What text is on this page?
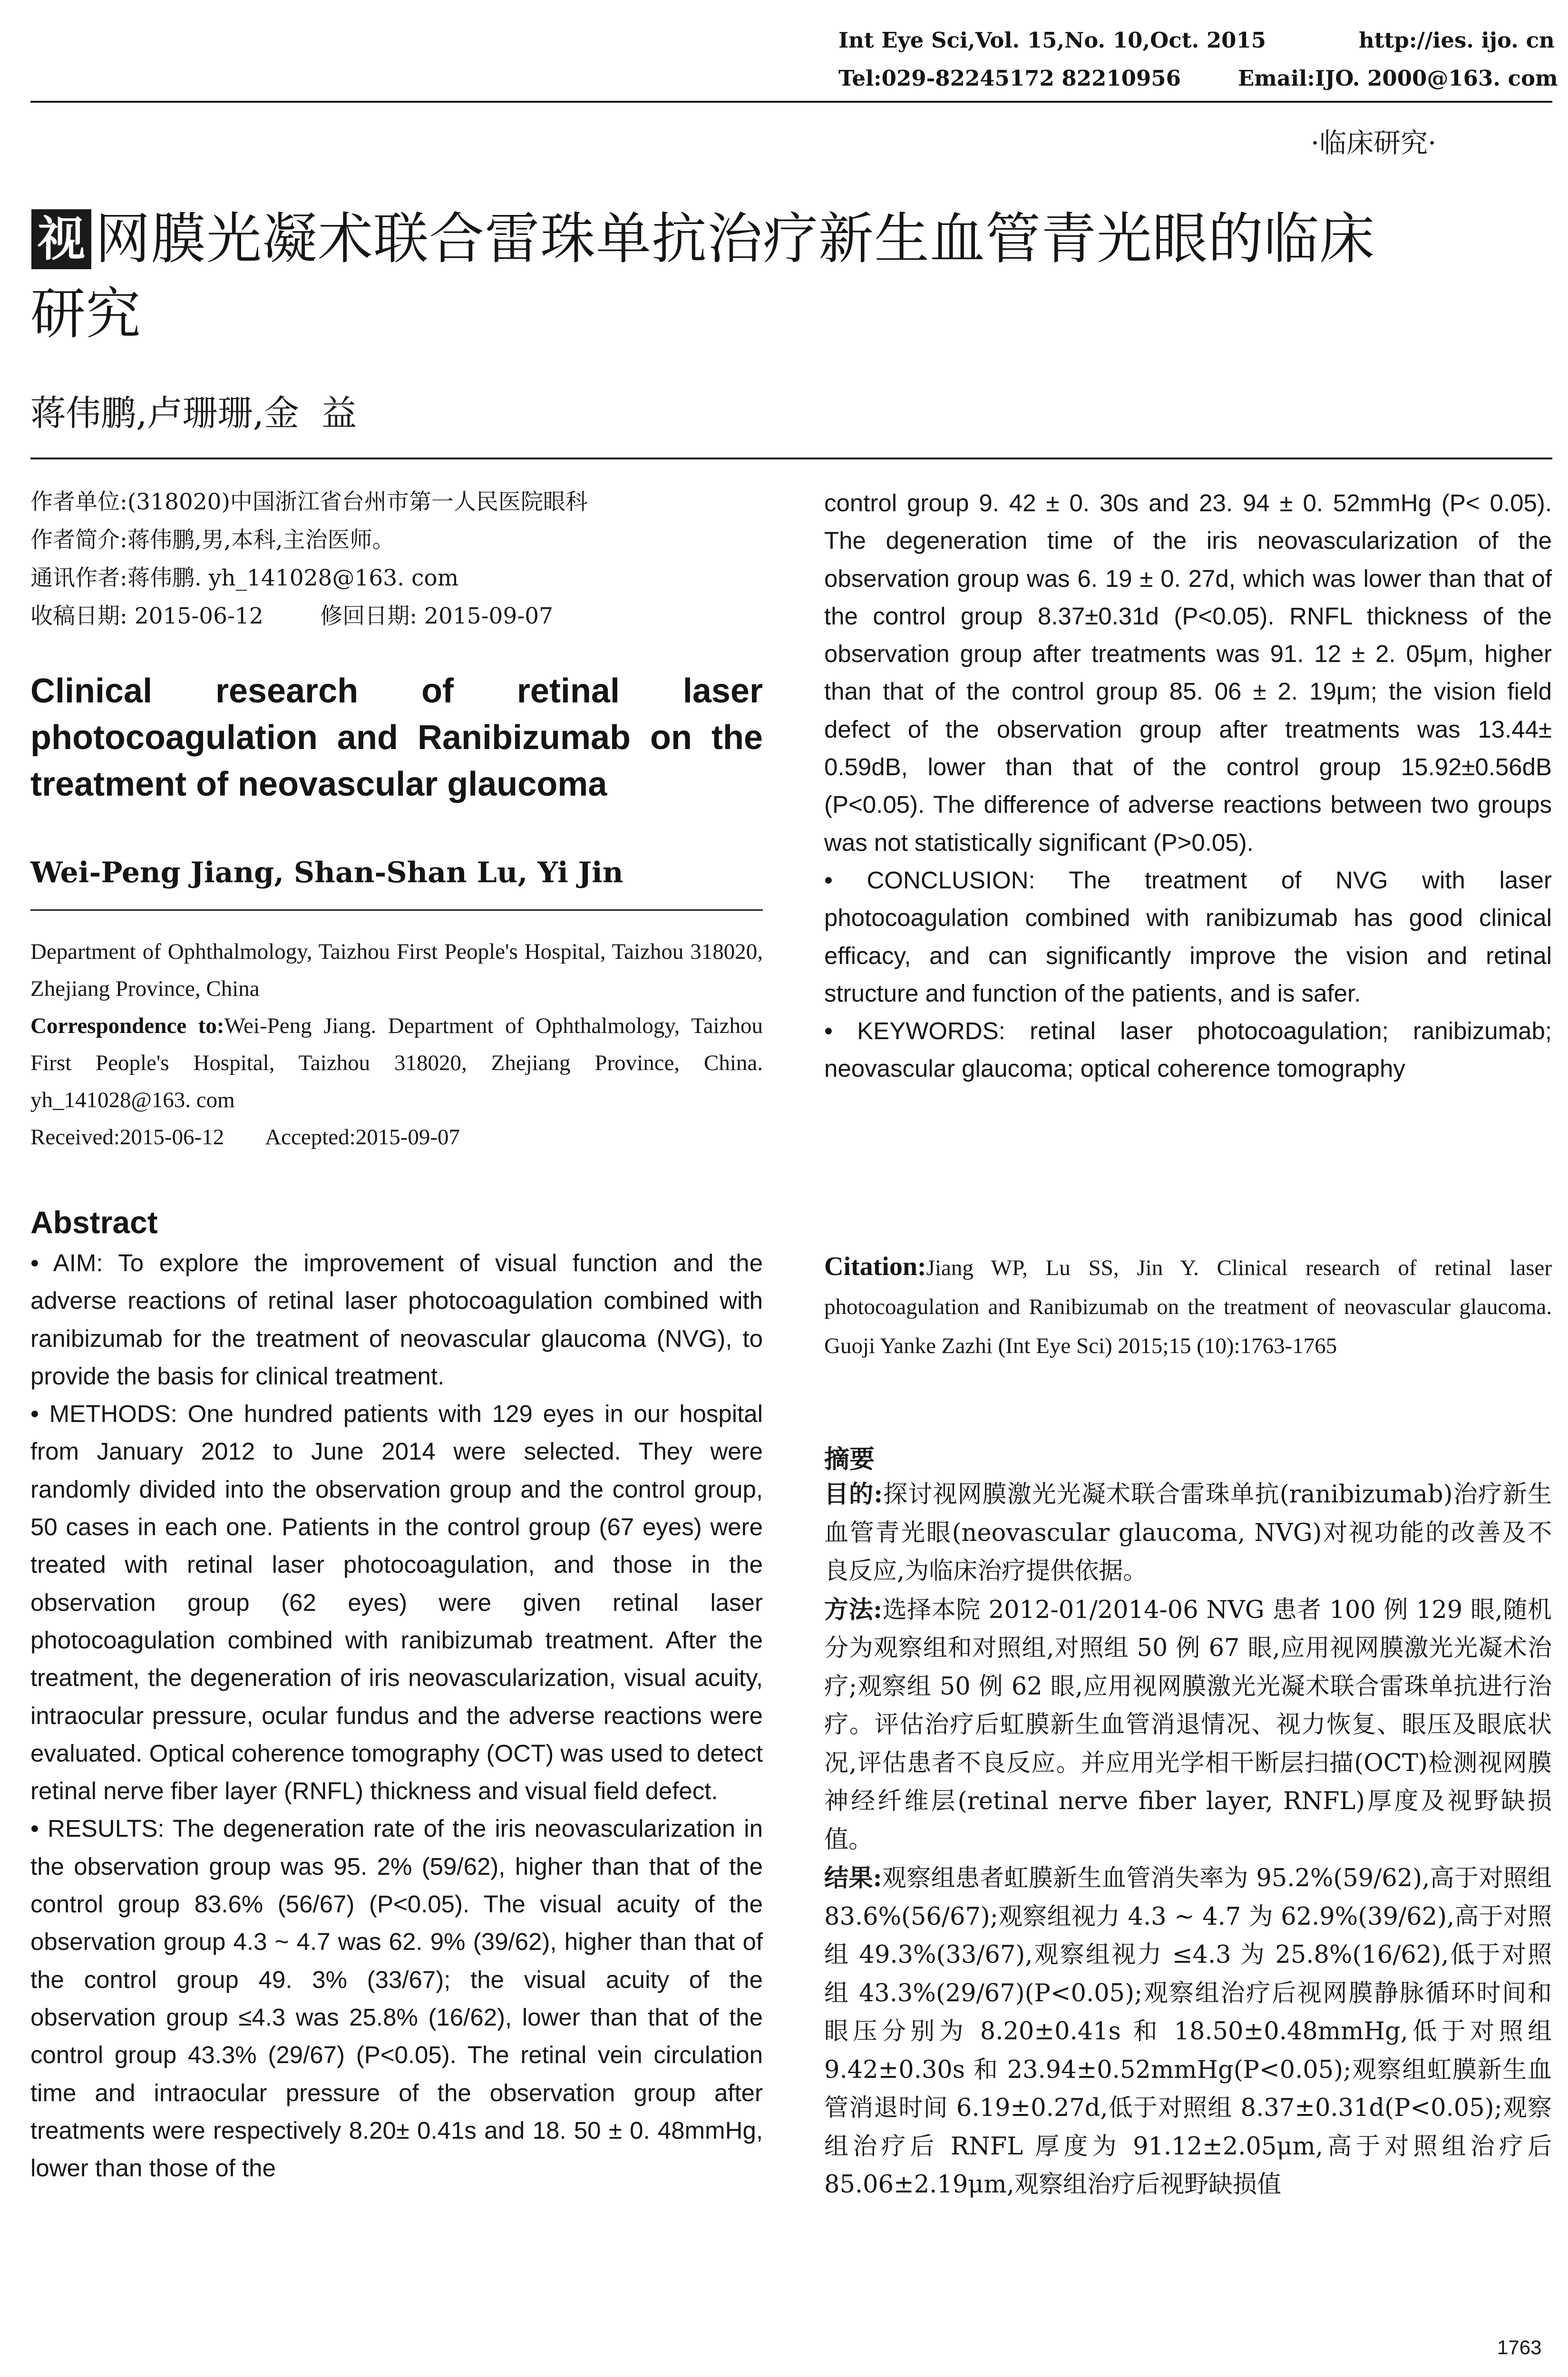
Int Eye Sci,Vol. 15,No. 10,Oct. 2015	http://ies. ijo. cn
Tel:029-82245172 82210956	Email:IJO. 2000@163. com
·临床研究·
视 网膜光凝术联合雷珠单抗治疗新生血管青光眼的临床
研究
蒋伟鹏,卢珊珊,金  益
作者单位:(318020)中国浙江省台州市第一人民医院眼科
作者简介:蒋伟鹏,男,本科,主治医师。
通讯作者:蒋伟鹏. yh_141028@163. com
收稿日期: 2015-06-12        修回日期: 2015-09-07
Clinical research of retinal laser photocoagulation and Ranibizumab on the treatment of neovascular glaucoma
Wei-Peng Jiang, Shan-Shan Lu, Yi Jin

Department of Ophthalmology, Taizhou First People's Hospital, Taizhou 318020, Zhejiang Province, China

Correspondence to:Wei-Peng Jiang. Department of Ophthalmology, Taizhou First People's Hospital, Taizhou 318020, Zhejiang Province, China. yh_141028@163. com

Received:2015-06-12 Accepted:2015-09-07

Abstract

• AIM: To explore the improvement of visual function and the adverse reactions of retinal laser photocoagulation combined with ranibizumab for the treatment of neovascular glaucoma (NVG), to provide the basis for clinical treatment.

• METHODS: One hundred patients with 129 eyes in our hospital from January 2012 to June 2014 were selected. They were randomly divided into the observation group and the control group, 50 cases in each one. Patients in the control group (67 eyes) were treated with retinal laser photocoagulation, and those in the observation group (62 eyes) were given retinal laser photocoagulation combined with ranibizumab treatment. After the treatment, the degeneration of iris neovascularization, visual acuity, intraocular pressure, ocular fundus and the adverse reactions were evaluated. Optical coherence tomography (OCT) was used to detect retinal nerve fiber layer (RNFL) thickness and visual field defect.

• RESULTS: The degeneration rate of the iris neovascularization in the observation group was 95. 2% (59/62), higher than that of the control group 83.6% (56/67) (P<0.05). The visual acuity of the observation group 4.3 ~ 4.7 was 62. 9% (39/62), higher than that of the control group 49. 3% (33/67); the visual acuity of the observation group ≤4.3 was 25.8% (16/62), lower than that of the control group 43.3% (29/67) (P<0.05). The retinal vein circulation time and intraocular pressure of the observation group after treatments were respectively 8.20± 0.41s and 18. 50 ± 0. 48mmHg, lower than those of the

control group 9. 42 ± 0. 30s and 23. 94 ± 0. 52mmHg (P< 0.05). The degeneration time of the iris neovascularization of the observation group was 6. 19 ± 0. 27d, which was lower than that of the control group 8.37±0.31d (P<0.05). RNFL thickness of the observation group after treatments was 91. 12 ± 2. 05μm, higher than that of the control group 85. 06 ± 2. 19μm; the vision field defect of the observation group after treatments was 13.44± 0.59dB, lower than that of the control group 15.92±0.56dB (P<0.05). The difference of adverse reactions between two groups was not statistically significant (P>0.05).

• CONCLUSION: The treatment of NVG with laser photocoagulation combined with ranibizumab has good clinical efficacy, and can significantly improve the vision and retinal structure and function of the patients, and is safer.

• KEYWORDS: retinal laser photocoagulation; ranibizumab; neovascular glaucoma; optical coherence tomography

Citation:Jiang WP, Lu SS, Jin Y. Clinical research of retinal laser photocoagulation and Ranibizumab on the treatment of neovascular glaucoma. Guoji Yanke Zazhi (Int Eye Sci) 2015;15 (10):1763-1765
摘要

目的:探讨视网膜激光光凝术联合雷珠单抗(ranibizumab)治疗新生血管青光眼(neovascular glaucoma, NVG)对视功能的改善及不良反应,为临床治疗提供依据。

方法:选择本院 2012-01/2014-06 NVG 患者 100 例 129 眼,随机分为观察组和对照组,对照组 50 例 67 眼,应用视网膜激光光凝术治疗;观察组 50 例 62 眼,应用视网膜激光光凝术联合雷珠单抗进行治疗。评估治疗后虹膜新生血管消退情况、视力恢复、眼压及眼底状况,评估患者不良反应。并应用光学相干断层扫描(OCT)检测视网膜神经纤维层(retinal nerve fiber layer, RNFL)厚度及视野缺损值。

结果:观察组患者虹膜新生血管消失率为 95.2%(59/62),高于对照组 83.6%(56/67);观察组视力 4.3 ~ 4.7 为 62.9%(39/62),高于对照组 49.3%(33/67),观察组视力 ≤4.3 为 25.8%(16/62),低于对照组 43.3%(29/67)(P<0.05);观察组治疗后视网膜静脉循环时间和眼压分别为 8.20±0.41s 和 18.50±0.48mmHg,低于对照组 9.42±0.30s 和 23.94±0.52mmHg(P<0.05);观察组虹膜新生血管消退时间 6.19±0.27d,低于对照组 8.37±0.31d(P<0.05);观察组治疗后 RNFL 厚度为 91.12±2.05μm,高于对照组治疗后 85.06±2.19μm,观察组治疗后视野缺损值

1763
